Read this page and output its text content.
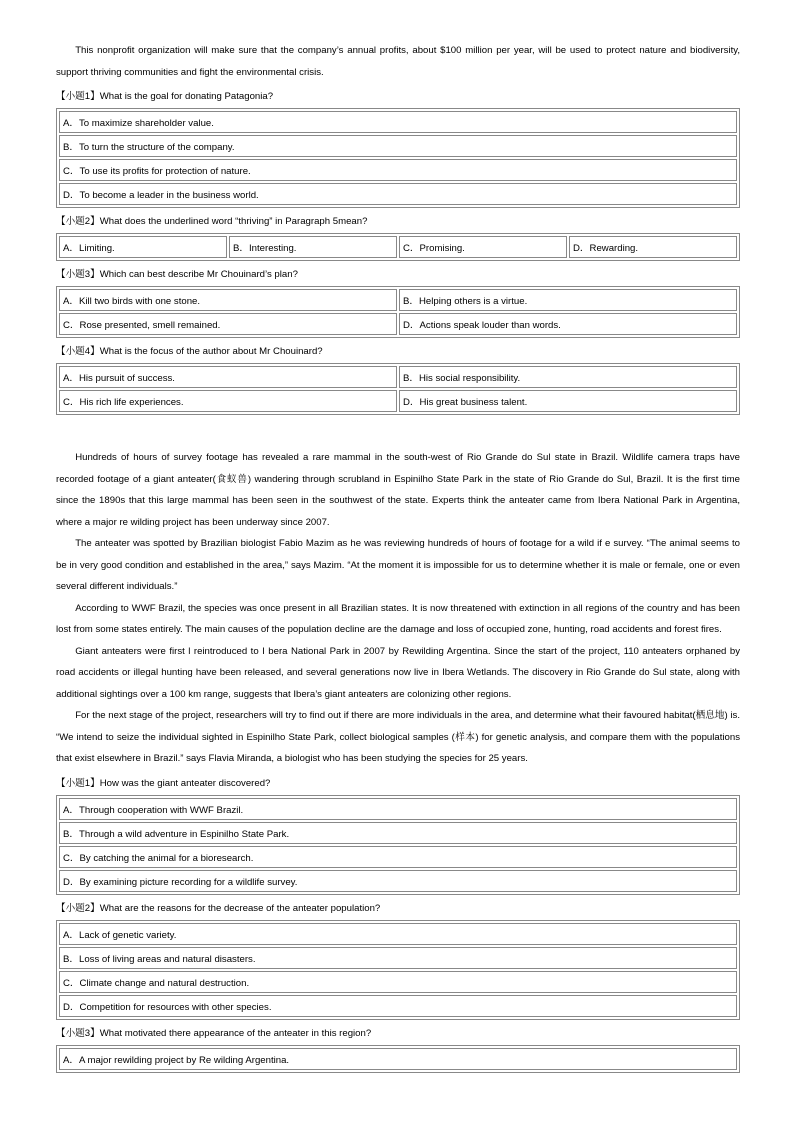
This nonprofit organization will make sure that the company’s annual profits, about $100 million per year, will be used to protect nature and biodiversity, support thriving communities and fight the environmental crisis.

【小题1】What is the goal for donating Patagonia?
A．To maximize shareholder value.
B．To turn the structure of the company.
C．To use its profits for protection of nature.
D．To become a leader in the business world.
【小题2】What does the underlined word “thriving” in Paragraph 5mean?
A．Limiting.	B．Interesting.	C．Promising.	D．Rewarding.
【小题3】Which can best describe Mr Chouinard’s plan?
A．Kill two birds with one stone.	B．Helping others is a virtue.
C．Rose presented, smell remained.	D．Actions speak louder than words.
【小题4】What is the focus of the author about Mr Chouinard?
A．His pursuit of success.	B．His social responsibility.
C．His rich life experiences.	D．His great business talent.

Hundreds of hours of survey footage has revealed a rare mammal in the south-west of Rio Grande do Sul state in Brazil. Wildlife camera traps have recorded footage of a giant anteater(食蚁兽) wandering through scrubland in Espinilho State Park in the state of Rio Grande do Sul, Brazil. It is the first time since the 1890s that this large mammal has been seen in the southwest of the state. Experts think the anteater came from Ibera National Park in Argentina, where a major re wilding project has been underway since 2007.

The anteater was spotted by Brazilian biologist Fabio Mazim as he was reviewing hundreds of hours of footage for a wild if e survey. “The animal seems to be in very good condition and established in the area,” says Mazim. “At the moment it is impossible for us to determine whether it is male or female, one or even several different individuals.”

According to WWF Brazil, the species was once present in all Brazilian states. It is now threatened with extinction in all regions of the country and has been lost from some states entirely. The main causes of the population decline are the damage and loss of occupied zone, hunting, road accidents and forest fires.

Giant anteaters were first l reintroduced to I bera National Park in 2007 by Rewilding Argentina. Since the start of the project, 110 anteaters orphaned by road accidents or illegal hunting have been released, and several generations now live in Ibera Wetlands. The discovery in Rio Grande do Sul state, along with additional sightings over a 100 km range, suggests that Ibera’s giant anteaters are colonizing other regions.

For the next stage of the project, researchers will try to find out if there are more individuals in the area, and determine what their favoured habitat(栖息地) is. “We intend to seize the individual sighted in Espinilho State Park, collect biological samples (样本) for genetic analysis, and compare them with the populations that exist elsewhere in Brazil.” says Flavia Miranda, a biologist who has been studying the species for 25 years.

【小题1】How was the giant anteater discovered?
A．Through cooperation with WWF Brazil.
B．Through a wild adventure in Espinilho State Park.
C．By catching the animal for a bioresearch.
D．By examining picture recording for a wildlife survey.
【小题2】What are the reasons for the decrease of the anteater population?
A．Lack of genetic variety.
B．Loss of living areas and natural disasters.
C．Climate change and natural destruction.
D．Competition for resources with other species.
【小题3】What motivated there appearance of the anteater in this region?
A．A major rewilding project by Re wilding Argentina.
